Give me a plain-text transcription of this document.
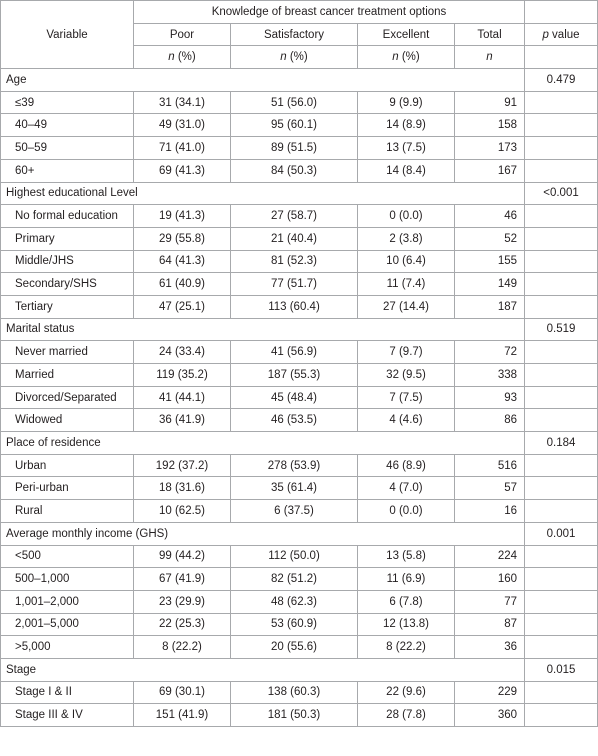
Variable	Knowledge of breast cancer treatment options				
	Poor	Satisfactory	Excellent	Total	p value
	n (%)	n (%)	n (%)	n	
Age					0.479
≤39	31 (34.1)	51 (56.0)	9 (9.9)	91	
40–49	49 (31.0)	95 (60.1)	14 (8.9)	158	
50–59	71 (41.0)	89 (51.5)	13 (7.5)	173	
60+	69 (41.3)	84 (50.3)	14 (8.4)	167	
Highest educational Level					<0.001
No formal education	19 (41.3)	27 (58.7)	0 (0.0)	46	
Primary	29 (55.8)	21 (40.4)	2 (3.8)	52	
Middle/JHS	64 (41.3)	81 (52.3)	10 (6.4)	155	
Secondary/SHS	61 (40.9)	77 (51.7)	11 (7.4)	149	
Tertiary	47 (25.1)	113 (60.4)	27 (14.4)	187	
Marital status					0.519
Never married	24 (33.4)	41 (56.9)	7 (9.7)	72	
Married	119 (35.2)	187 (55.3)	32 (9.5)	338	
Divorced/Separated	41 (44.1)	45 (48.4)	7 (7.5)	93	
Widowed	36 (41.9)	46 (53.5)	4 (4.6)	86	
Place of residence					0.184
Urban	192 (37.2)	278 (53.9)	46 (8.9)	516	
Peri-urban	18 (31.6)	35 (61.4)	4 (7.0)	57	
Rural	10 (62.5)	6 (37.5)	0 (0.0)	16	
Average monthly income (GHS)					0.001
<500	99 (44.2)	112 (50.0)	13 (5.8)	224	
500–1,000	67 (41.9)	82 (51.2)	11 (6.9)	160	
1,001–2,000	23 (29.9)	48 (62.3)	6 (7.8)	77	
2,001–5,000	22 (25.3)	53 (60.9)	12 (13.8)	87	
>5,000	8 (22.2)	20 (55.6)	8 (22.2)	36	
Stage					0.015
Stage I & II	69 (30.1)	138 (60.3)	22 (9.6)	229	
Stage III & IV	151 (41.9)	181 (50.3)	28 (7.8)	360	
